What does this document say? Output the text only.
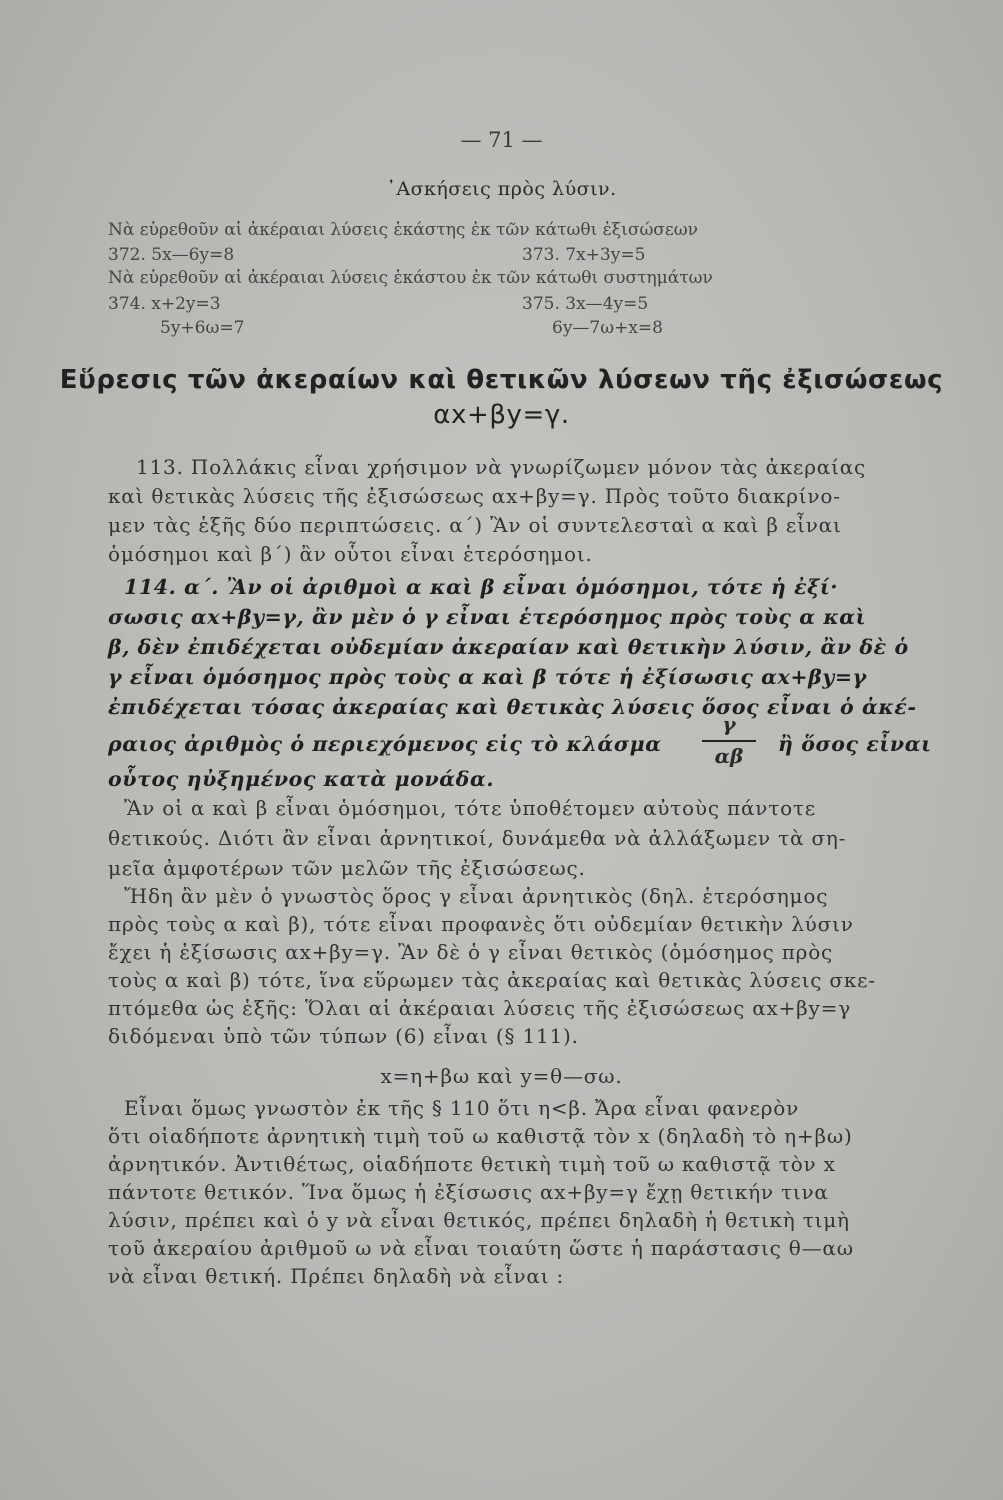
— 71 —
᾿Ασκήσεις πρὸς λύσιν.
Νὰ εὑρεθοῦν αἱ ἀκέραιαι λύσεις ἑκάστης ἐκ τῶν κάτωθι ἐξισώσεων
372. 5x—6y=8	373. 7x+3y=5
Νὰ εὑρεθοῦν αἱ ἀκέραιαι λύσεις ἑκάστου ἐκ τῶν κάτωθι συστημάτων
374. x+2y=3	375. 3x—4y=5
5y+6ω=7	6y—7ω+x=8
Εὕρεσις τῶν ἀκεραίων καὶ θετικῶν λύσεων τῆς ἐξισώσεως
αx+βy=γ.
113. Πολλάκις εἶναι χρήσιμον νὰ γνωρίζωμεν μόνον τὰς ἀκεραίας
καὶ θετικὰς λύσεις τῆς ἐξισώσεως αx+βy=γ. Πρὸς τοῦτο διακρίνο-
μεν τὰς ἑξῆς δύο περιπτώσεις. α΄) Ἂν οἱ συντελεσταὶ α καὶ β εἶναι
ὁμόσημοι καὶ β΄) ἂν οὗτοι εἶναι ἑτερόσημοι.
114. α΄. Ἂν οἱ ἀριθμοὶ α καὶ β εἶναι ὁμόσημοι, τότε ἡ ἐξί·
σωσις αx+βy=γ, ἂν μὲν ὁ γ εἶναι ἑτερόσημος πρὸς τοὺς α καὶ
β, δὲν ἐπιδέχεται οὐδεμίαν ἀκεραίαν καὶ θετικὴν λύσιν, ἂν δὲ ὁ
γ εἶναι ὁμόσημος πρὸς τοὺς α καὶ β τότε ἡ ἐξίσωσις αx+βy=γ
ἐπιδέχεται τόσας ἀκεραίας καὶ θετικὰς λύσεις ὅσος εἶναι ὁ ἀκέ-
ραιος ἀριθμὸς ὁ περιεχόμενος εἰς τὸ κλάσμα
γ
αβ	ἢ ὅσος εἶναι
οὗτος ηὐξημένος κατὰ μονάδα.
Ἂν οἱ α καὶ β εἶναι ὁμόσημοι, τότε ὑποθέτομεν αὐτοὺς πάντοτε
θετικούς. Διότι ἂν εἶναι ἀρνητικοί, δυνάμεθα νὰ ἀλλάξωμεν τὰ ση-
μεῖα ἀμφοτέρων τῶν μελῶν τῆς ἐξισώσεως.
Ἤδη ἂν μὲν ὁ γνωστὸς ὅρος γ εἶναι ἀρνητικὸς (δηλ. ἑτερόσημος
πρὸς τοὺς α καὶ β), τότε εἶναι προφανὲς ὅτι οὐδεμίαν θετικὴν λύσιν
ἔχει ἡ ἐξίσωσις αx+βy=γ. Ἂν δὲ ὁ γ εἶναι θετικὸς (ὁμόσημος πρὸς
τοὺς α καὶ β) τότε, ἵνα εὕρωμεν τὰς ἀκεραίας καὶ θετικὰς λύσεις σκε-
πτόμεθα ὡς ἑξῆς: Ὅλαι αἱ ἀκέραιαι λύσεις τῆς ἐξισώσεως αx+βy=γ
διδόμεναι ὑπὸ τῶν τύπων (6) εἶναι (§ 111).
x=η+βω καὶ y=θ—σω.
Εἶναι ὅμως γνωστὸν ἐκ τῆς § 110 ὅτι η<β. Ἄρα εἶναι φανερὸν
ὅτι οἱαδήποτε ἀρνητικὴ τιμὴ τοῦ ω καθιστᾷ τὸν x (δηλαδὴ τὸ η+βω)
ἀρνητικόν. Ἀντιθέτως, οἱαδήποτε θετικὴ τιμὴ τοῦ ω καθιστᾷ τὸν x
πάντοτε θετικόν. Ἵνα ὅμως ἡ ἐξίσωσις αx+βy=γ ἔχῃ θετικήν τινα
λύσιν, πρέπει καὶ ὁ y νὰ εἶναι θετικός, πρέπει δηλαδὴ ἡ θετικὴ τιμὴ
τοῦ ἀκεραίου ἀριθμοῦ ω νὰ εἶναι τοιαύτη ὥστε ἡ παράστασις θ—αω
νὰ εἶναι θετική. Πρέπει δηλαδὴ νὰ εἶναι :
